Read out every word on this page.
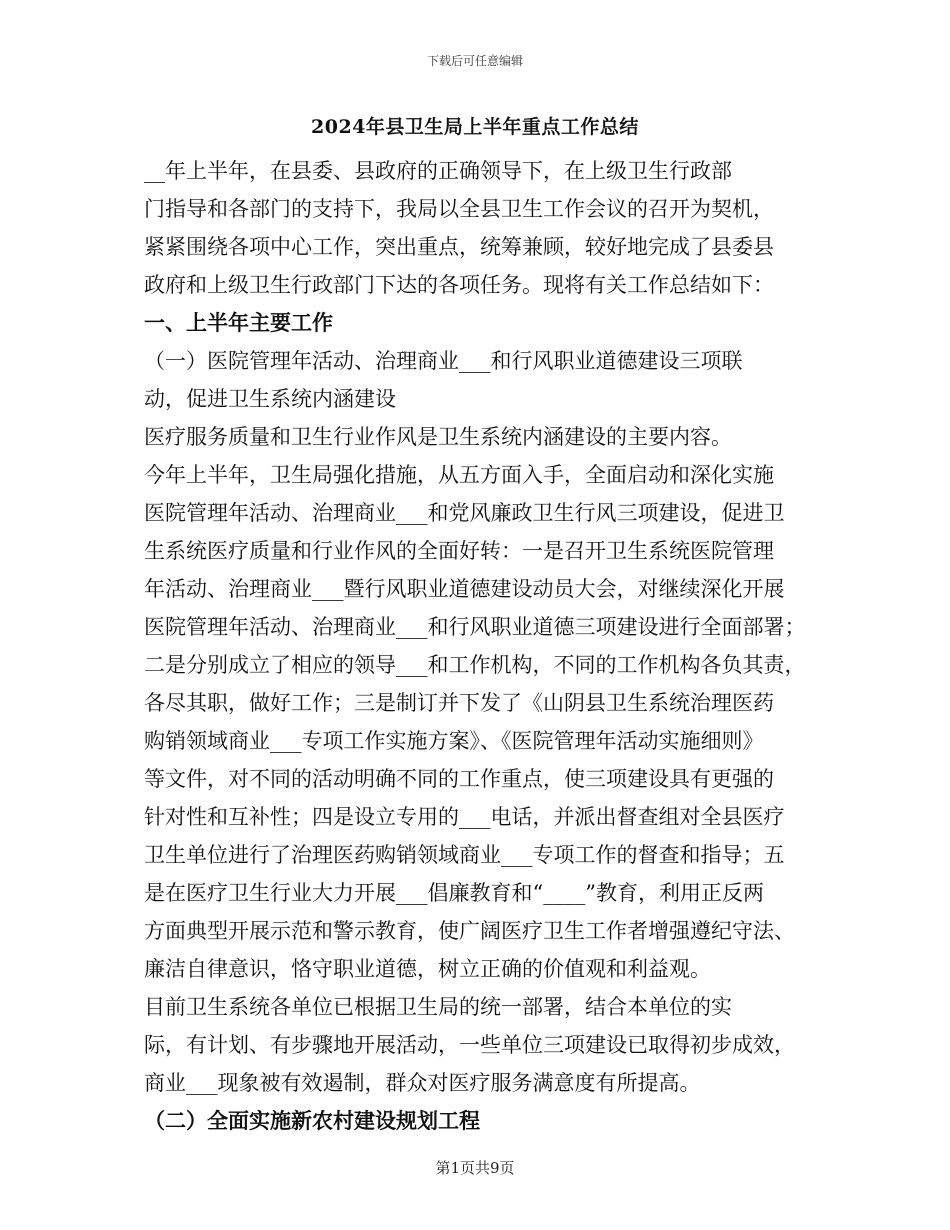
下载后可任意编辑
2024年县卫生局上半年重点工作总结
__年上半年，在县委、县政府的正确领导下，在上级卫生行政部
门指导和各部门的支持下，我局以全县卫生工作会议的召开为契机，
紧紧围绕各项中心工作，突出重点，统筹兼顾，较好地完成了县委县
政府和上级卫生行政部门下达的各项任务。现将有关工作总结如下：
一、上半年主要工作
（一）医院管理年活动、治理商业___和行风职业道德建设三项联
动，促进卫生系统内涵建设
医疗服务质量和卫生行业作风是卫生系统内涵建设的主要内容。
今年上半年，卫生局强化措施，从五方面入手，全面启动和深化实施
医院管理年活动、治理商业___和党风廉政卫生行风三项建设，促进卫
生系统医疗质量和行业作风的全面好转：一是召开卫生系统医院管理
年活动、治理商业___暨行风职业道德建设动员大会，对继续深化开展
医院管理年活动、治理商业___和行风职业道德三项建设进行全面部署；
二是分别成立了相应的领导___和工作机构，不同的工作机构各负其责，
各尽其职，做好工作；三是制订并下发了《山阴县卫生系统治理医药
购销领域商业___专项工作实施方案》、《医院管理年活动实施细则》
等文件，对不同的活动明确不同的工作重点，使三项建设具有更强的
针对性和互补性；四是设立专用的___电话，并派出督查组对全县医疗
卫生单位进行了治理医药购销领域商业___专项工作的督查和指导；五
是在医疗卫生行业大力开展___倡廉教育和“____”教育，利用正反两
方面典型开展示范和警示教育，使广阔医疗卫生工作者增强遵纪守法、
廉洁自律意识，恪守职业道德，树立正确的价值观和利益观。
目前卫生系统各单位已根据卫生局的统一部署，结合本单位的实
际，有计划、有步骤地开展活动，一些单位三项建设已取得初步成效，
商业___现象被有效遏制，群众对医疗服务满意度有所提高。
（二）全面实施新农村建设规划工程
第1页共9页
